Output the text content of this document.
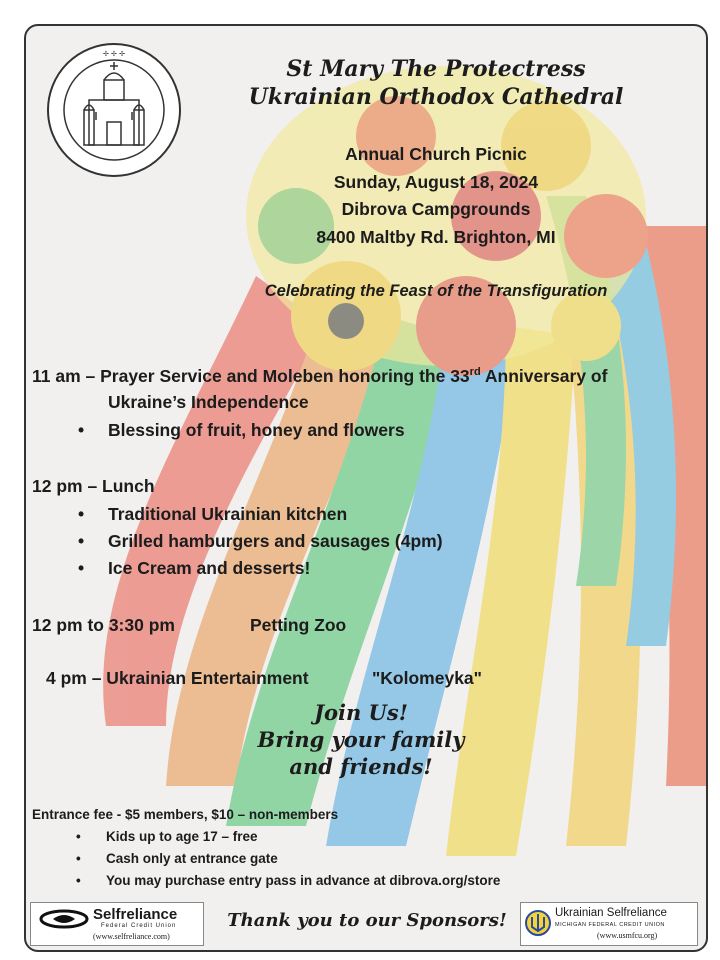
✢ ✢ ✢
St Mary The Protectress
Ukrainian Orthodox Cathedral
Annual Church Picnic
Sunday, August 18, 2024
Dibrova Campgrounds
8400 Maltby Rd. Brighton, MI
Celebrating the Feast of the Transfiguration
11 am – Prayer Service and Moleben honoring the 33rd Anniversary of
Ukraine’s Independence
• Blessing of fruit, honey and flowers
12 pm – Lunch
• Traditional Ukrainian kitchen
• Grilled hamburgers and sausages (4pm)
• Ice Cream and desserts!
12 pm to 3:30 pm	Petting Zoo
4 pm – Ukrainian Entertainment	"Kolomeyka"
Join Us!
Bring your family
and friends!
Entrance fee - $5 members, $10 – non-members
• Kids up to age 17 – free
• Cash only at entrance gate
• You may purchase entry pass in advance at dibrova.org/store
Selfreliance
Federal Credit Union
(www.selfreliance.com)
Thank you to our Sponsors!	Ukrainian Selfreliance
MICHIGAN FEDERAL CREDIT UNION
(www.usmfcu.org)
